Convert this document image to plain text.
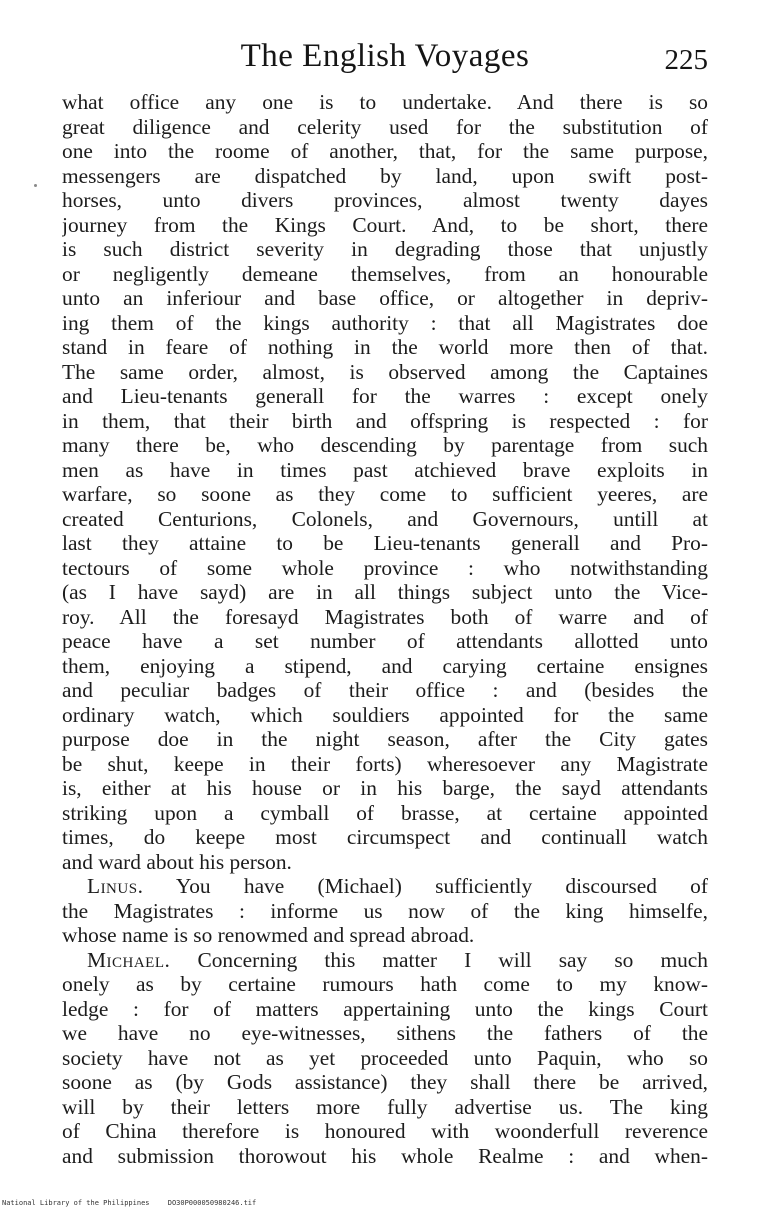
The English Voyages	225
what office any one is to undertake. And there is so
great diligence and celerity used for the substitution of
one into the roome of another, that, for the same purpose,
messengers are dispatched by land, upon swift post-
horses, unto divers provinces, almost twenty dayes
journey from the Kings Court. And, to be short, there
is such district severity in degrading those that unjustly
or negligently demeane themselves, from an honourable
unto an inferiour and base office, or altogether in depriv-
ing them of the kings authority : that all Magistrates doe
stand in feare of nothing in the world more then of that.
The same order, almost, is observed among the Captaines
and Lieu-tenants generall for the warres : except onely
in them, that their birth and offspring is respected : for
many there be, who descending by parentage from such
men as have in times past atchieved brave exploits in
warfare, so soone as they come to sufficient yeeres, are
created Centurions, Colonels, and Governours, untill at
last they attaine to be Lieu-tenants generall and Pro-
tectours of some whole province : who notwithstanding
(as I have sayd) are in all things subject unto the Vice-
roy. All the foresayd Magistrates both of warre and of
peace have a set number of attendants allotted unto
them, enjoying a stipend, and carying certaine ensignes
and peculiar badges of their office : and (besides the
ordinary watch, which souldiers appointed for the same
purpose doe in the night season, after the City gates
be shut, keepe in their forts) wheresoever any Magistrate
is, either at his house or in his barge, the sayd attendants
striking upon a cymball of brasse, at certaine appointed
times, do keepe most circumspect and continuall watch
and ward about his person.
Linus. You have (Michael) sufficiently discoursed of
the Magistrates : informe us now of the king himselfe,
whose name is so renowmed and spread abroad.
Michael. Concerning this matter I will say so much
onely as by certaine rumours hath come to my know-
ledge : for of matters appertaining unto the kings Court
we have no eye-witnesses, sithens the fathers of the
society have not as yet proceeded unto Paquin, who so
soone as (by Gods assistance) they shall there be arrived,
will by their letters more fully advertise us. The king
of China therefore is honoured with woonderfull reverence
and submission thorowout his whole Realme : and when-
National Library of the Philippines	DO30P000050980246.tif
